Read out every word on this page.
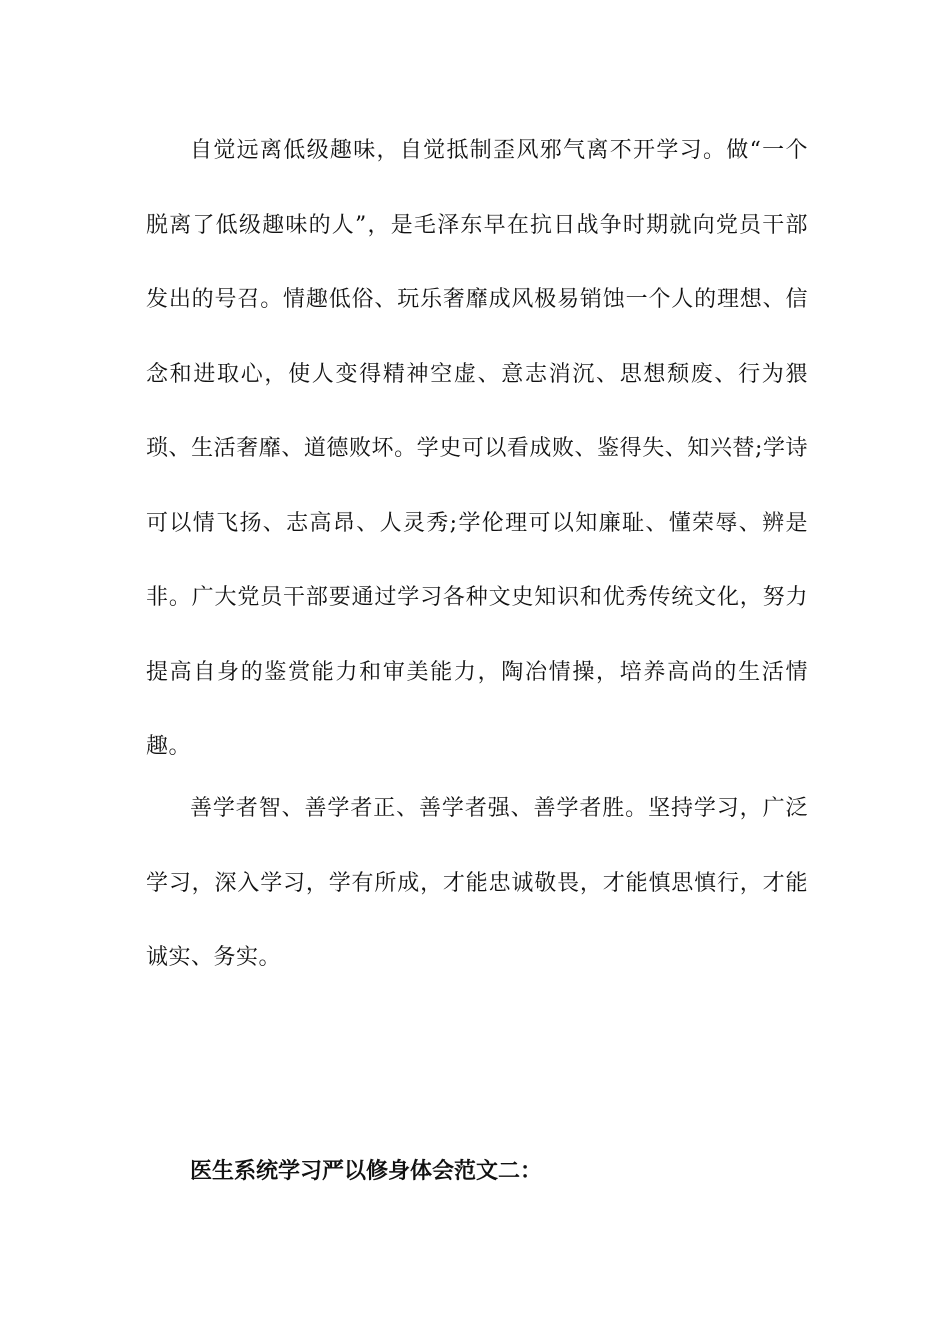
自觉远离低级趣味，自觉抵制歪风邪气离不开学习。做“一个脱离了低级趣味的人”，是毛泽东早在抗日战争时期就向党员干部发出的号召。情趣低俗、玩乐奢靡成风极易销蚀一个人的理想、信念和进取心，使人变得精神空虚、意志消沉、思想颓废、行为猥琐、生活奢靡、道德败坏。学史可以看成败、鉴得失、知兴替;学诗可以情飞扬、志高昂、人灵秀;学伦理可以知廉耻、懂荣辱、辨是非。广大党员干部要通过学习各种文史知识和优秀传统文化，努力提高自身的鉴赏能力和审美能力，陶冶情操，培养高尚的生活情趣。

善学者智、善学者正、善学者强、善学者胜。坚持学习，广泛学习，深入学习，学有所成，才能忠诚敬畏，才能慎思慎行，才能诚实、务实。

医生系统学习严以修身体会范文二：
